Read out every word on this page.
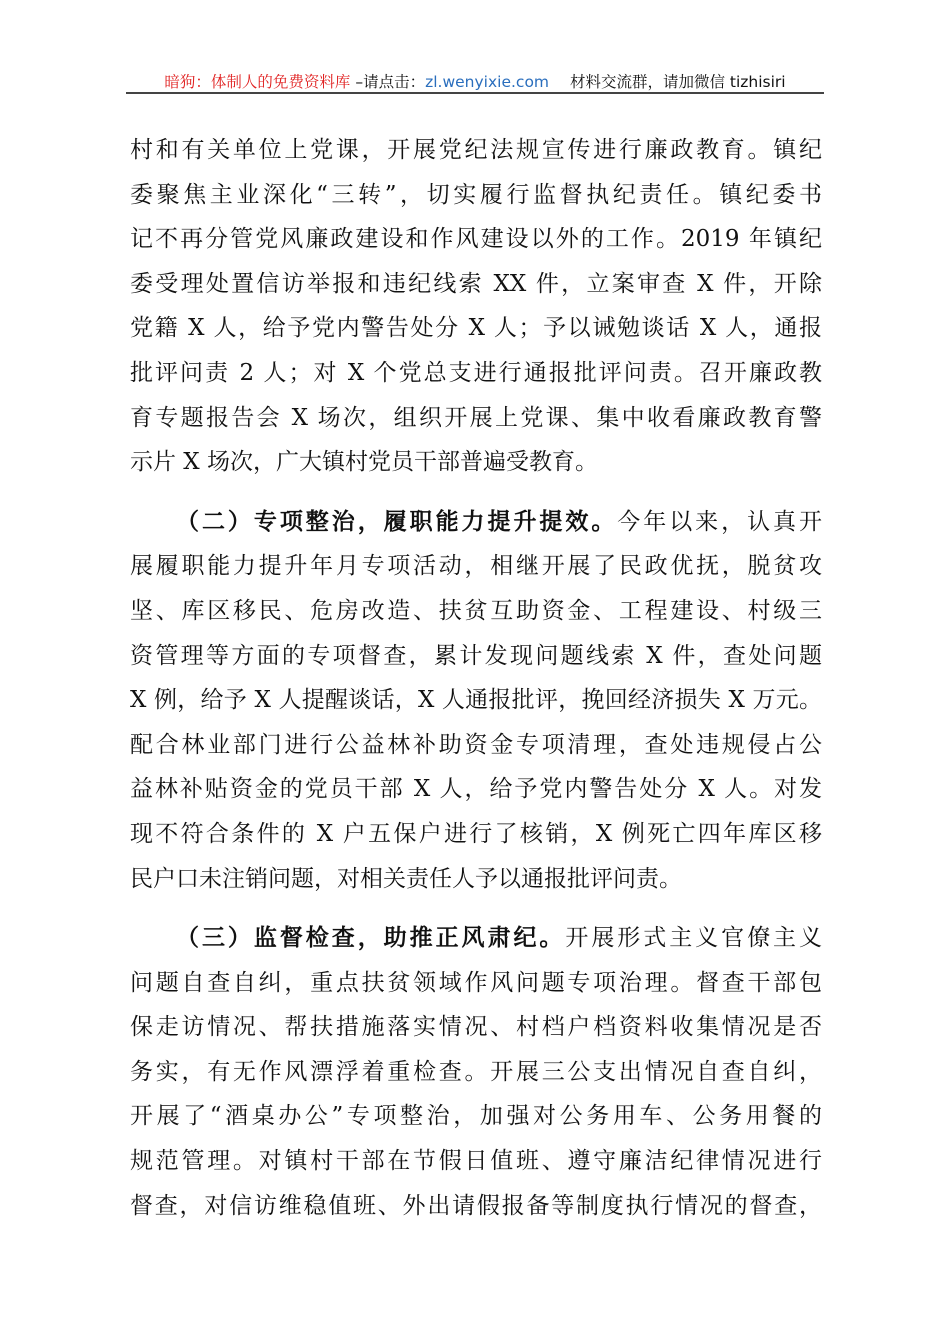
暗狗：体制人的免费资料库 –请点击：zl.wenyixie.com 材料交流群，请加微信 tizhisiri
村和有关单位上党课，开展党纪法规宣传进行廉政教育。镇纪
委聚焦主业深化“三转”，切实履行监督执纪责任。镇纪委书
记不再分管党风廉政建设和作风建设以外的工作。2019 年镇纪
委受理处置信访举报和违纪线索 XX 件，立案审查 X 件，开除
党籍 X 人，给予党内警告处分 X 人；予以诫勉谈话 X 人，通报
批评问责 2 人；对 X 个党总支进行通报批评问责。召开廉政教
育专题报告会 X 场次，组织开展上党课、集中收看廉政教育警
示片 X 场次，广大镇村党员干部普遍受教育。
（二）专项整治，履职能力提升提效。今年以来，认真开
展履职能力提升年月专项活动，相继开展了民政优抚，脱贫攻
坚、库区移民、危房改造、扶贫互助资金、工程建设、村级三
资管理等方面的专项督查，累计发现问题线索 X 件，查处问题
X 例，给予 X 人提醒谈话，X 人通报批评，挽回经济损失 X 万元。
配合林业部门进行公益林补助资金专项清理，查处违规侵占公
益林补贴资金的党员干部 X 人，给予党内警告处分 X 人。对发
现不符合条件的 X 户五保户进行了核销，X 例死亡四年库区移
民户口未注销问题，对相关责任人予以通报批评问责。
（三）监督检查，助推正风肃纪。开展形式主义官僚主义
问题自查自纠，重点扶贫领域作风问题专项治理。督查干部包
保走访情况、帮扶措施落实情况、村档户档资料收集情况是否
务实，有无作风漂浮着重检查。开展三公支出情况自查自纠，
开展了“酒桌办公”专项整治，加强对公务用车、公务用餐的
规范管理。对镇村干部在节假日值班、遵守廉洁纪律情况进行
督查，对信访维稳值班、外出请假报备等制度执行情况的督查，
